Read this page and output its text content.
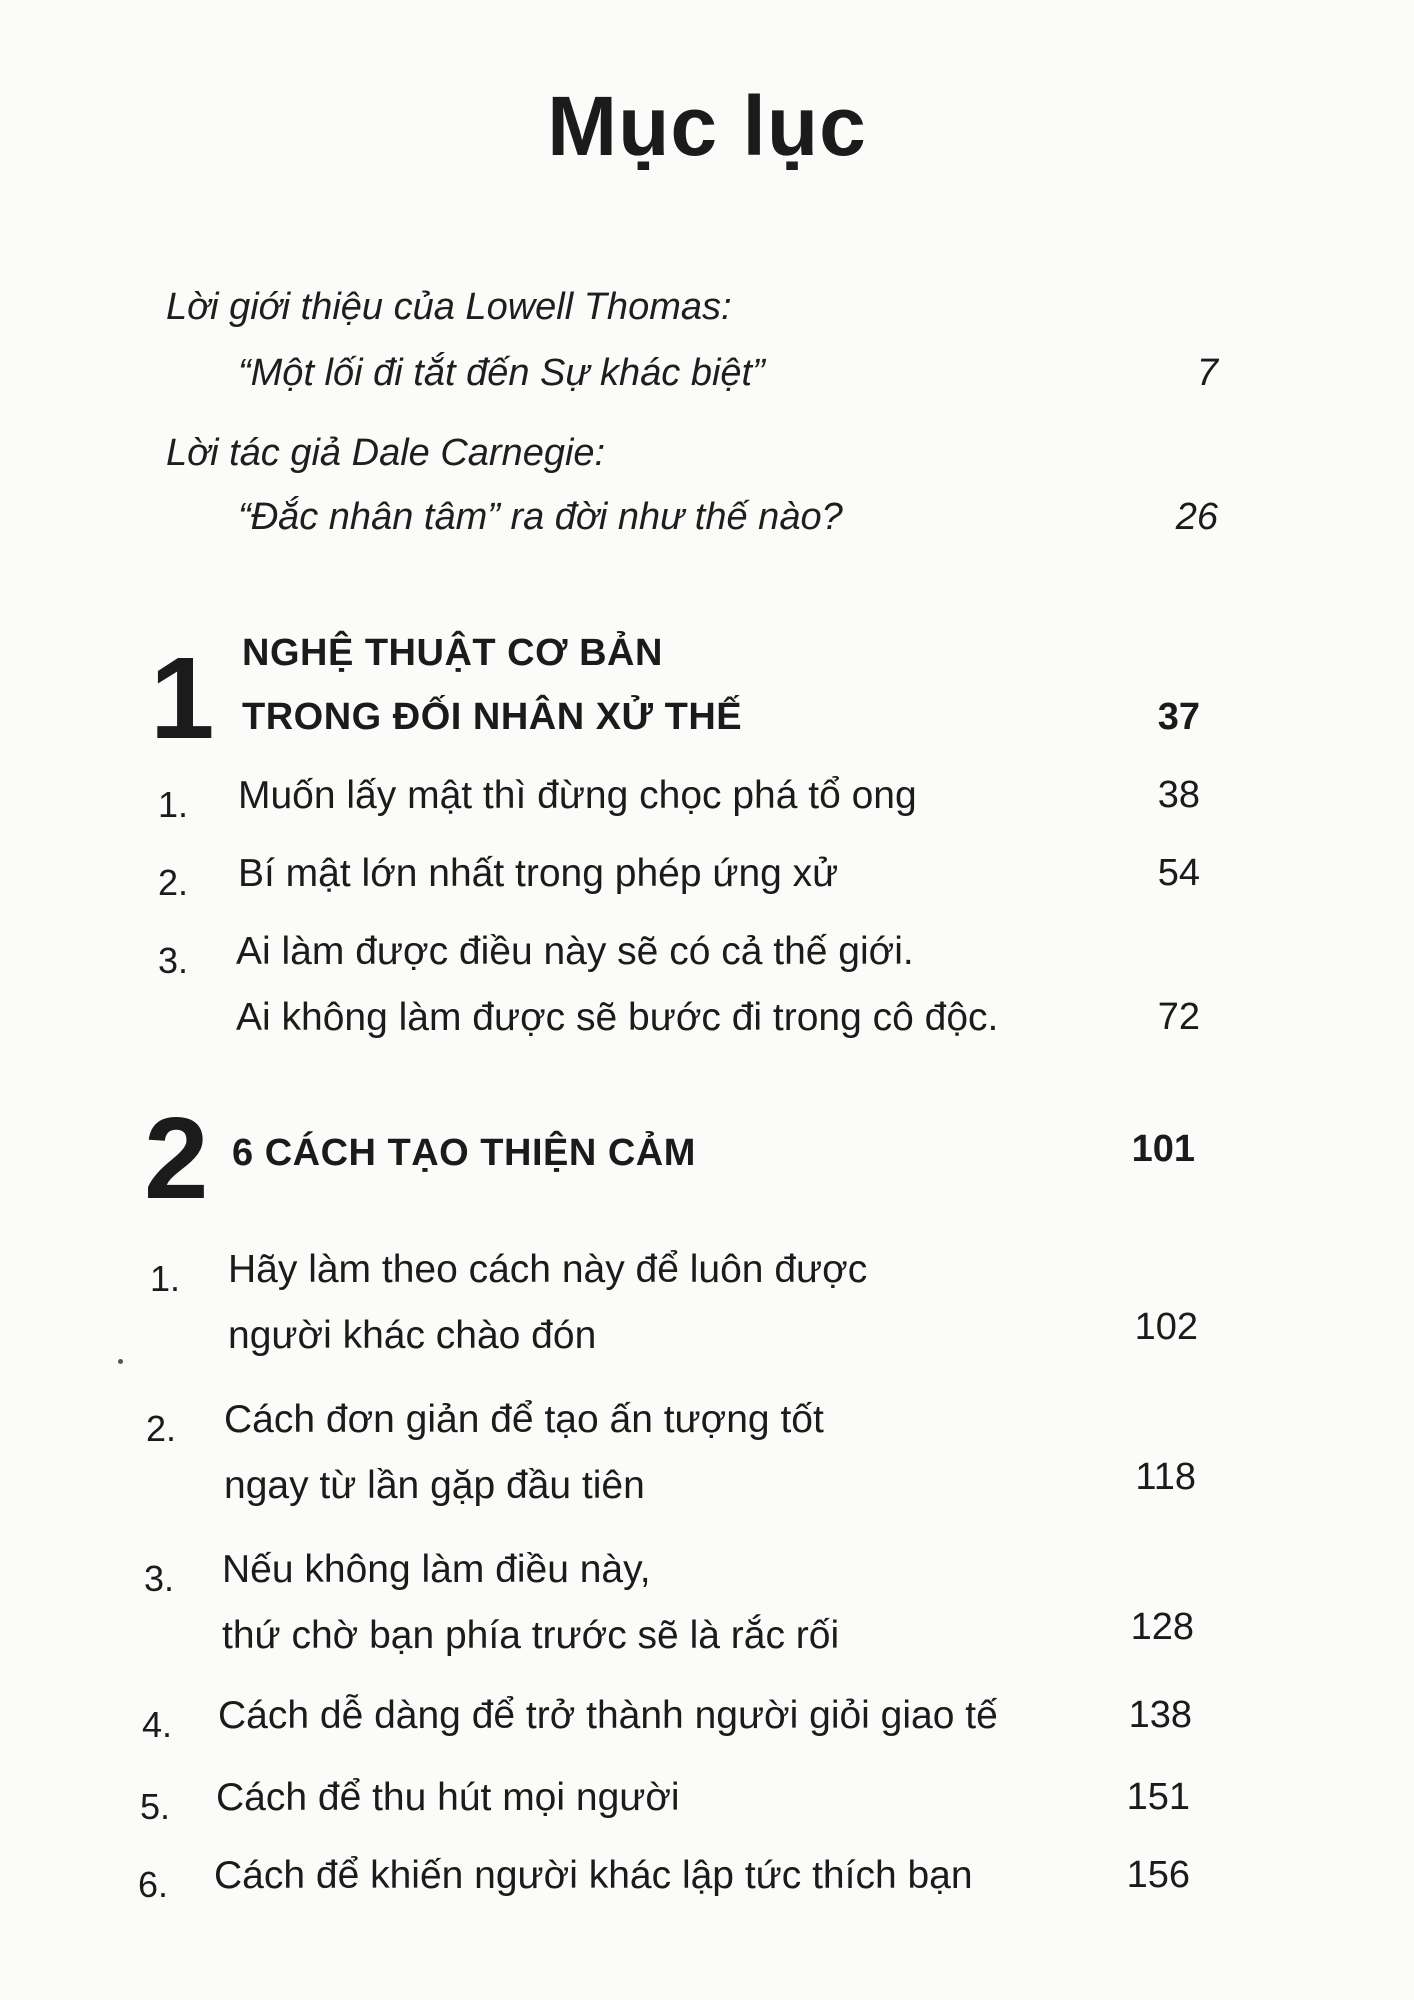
Mục lục
Lời giới thiệu của Lowell Thomas:
“Một lối đi tắt đến Sự khác biệt”	7
Lời tác giả Dale Carnegie:
“Đắc nhân tâm” ra đời như thế nào?	26
1 NGHỆ THUẬT CƠ BẢN
TRONG ĐỐI NHÂN XỬ THẾ	37
1. Muốn lấy mật thì đừng chọc phá tổ ong	38
2. Bí mật lớn nhất trong phép ứng xử	54
3. Ai làm được điều này sẽ có cả thế giới.
Ai không làm được sẽ bước đi trong cô độc.	72
2 6 CÁCH TẠO THIỆN CẢM	101
1. Hãy làm theo cách này để luôn được
người khác chào đón	102
2. Cách đơn giản để tạo ấn tượng tốt
ngay từ lần gặp đầu tiên	118
3. Nếu không làm điều này,
thứ chờ bạn phía trước sẽ là rắc rối	128
4. Cách dễ dàng để trở thành người giỏi giao tế	138
5. Cách để thu hút mọi người	151
6. Cách để khiến người khác lập tức thích bạn	156
